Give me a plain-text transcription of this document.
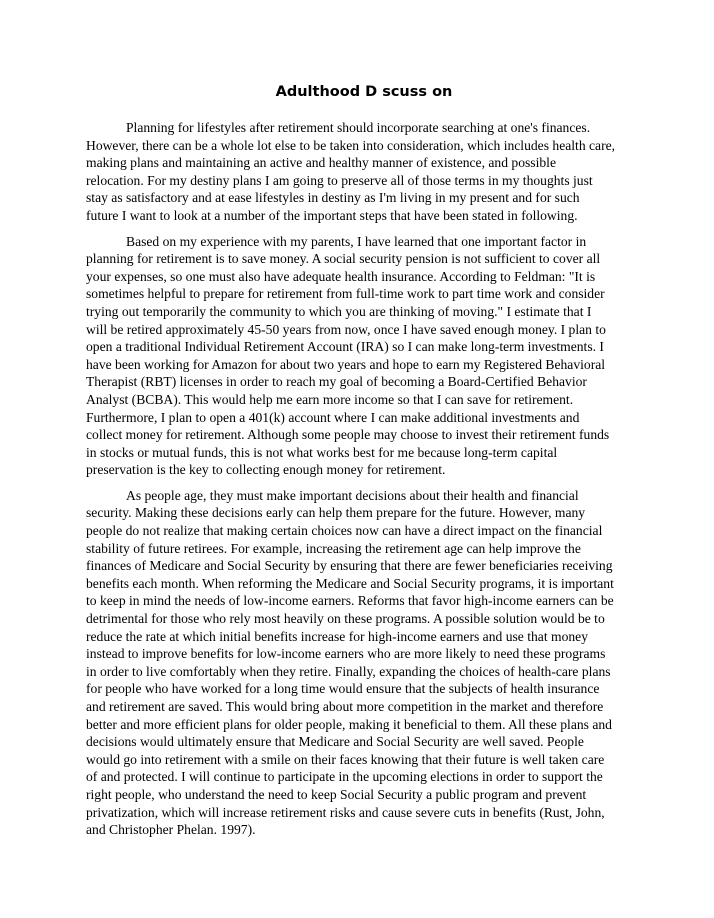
Adulthood D scuss on
Planning for lifestyles after retirement should incorporate searching at one's finances.
However, there can be a whole lot else to be taken into consideration, which includes health care,
making plans and maintaining an active and healthy manner of existence, and possible
relocation. For my destiny plans I am going to preserve all of those terms in my thoughts just
stay as satisfactory and at ease lifestyles in destiny as I'm living in my present and for such
future I want to look at a number of the important steps that have been stated in following.
Based on my experience with my parents, I have learned that one important factor in
planning for retirement is to save money. A social security pension is not sufficient to cover all
your expenses, so one must also have adequate health insurance. According to Feldman: "It is
sometimes helpful to prepare for retirement from full-time work to part time work and consider
trying out temporarily the community to which you are thinking of moving." I estimate that I
will be retired approximately 45-50 years from now, once I have saved enough money. I plan to
open a traditional Individual Retirement Account (IRA) so I can make long-term investments. I
have been working for Amazon for about two years and hope to earn my Registered Behavioral
Therapist (RBT) licenses in order to reach my goal of becoming a Board-Certified Behavior
Analyst (BCBA). This would help me earn more income so that I can save for retirement.
Furthermore, I plan to open a 401(k) account where I can make additional investments and
collect money for retirement. Although some people may choose to invest their retirement funds
in stocks or mutual funds, this is not what works best for me because long-term capital
preservation is the key to collecting enough money for retirement.
As people age, they must make important decisions about their health and financial
security. Making these decisions early can help them prepare for the future. However, many
people do not realize that making certain choices now can have a direct impact on the financial
stability of future retirees. For example, increasing the retirement age can help improve the
finances of Medicare and Social Security by ensuring that there are fewer beneficiaries receiving
benefits each month. When reforming the Medicare and Social Security programs, it is important
to keep in mind the needs of low-income earners. Reforms that favor high-income earners can be
detrimental for those who rely most heavily on these programs. A possible solution would be to
reduce the rate at which initial benefits increase for high-income earners and use that money
instead to improve benefits for low-income earners who are more likely to need these programs
in order to live comfortably when they retire. Finally, expanding the choices of health-care plans
for people who have worked for a long time would ensure that the subjects of health insurance
and retirement are saved. This would bring about more competition in the market and therefore
better and more efficient plans for older people, making it beneficial to them. All these plans and
decisions would ultimately ensure that Medicare and Social Security are well saved. People
would go into retirement with a smile on their faces knowing that their future is well taken care
of and protected. I will continue to participate in the upcoming elections in order to support the
right people, who understand the need to keep Social Security a public program and prevent
privatization, which will increase retirement risks and cause severe cuts in benefits (Rust, John,
and Christopher Phelan. 1997).
